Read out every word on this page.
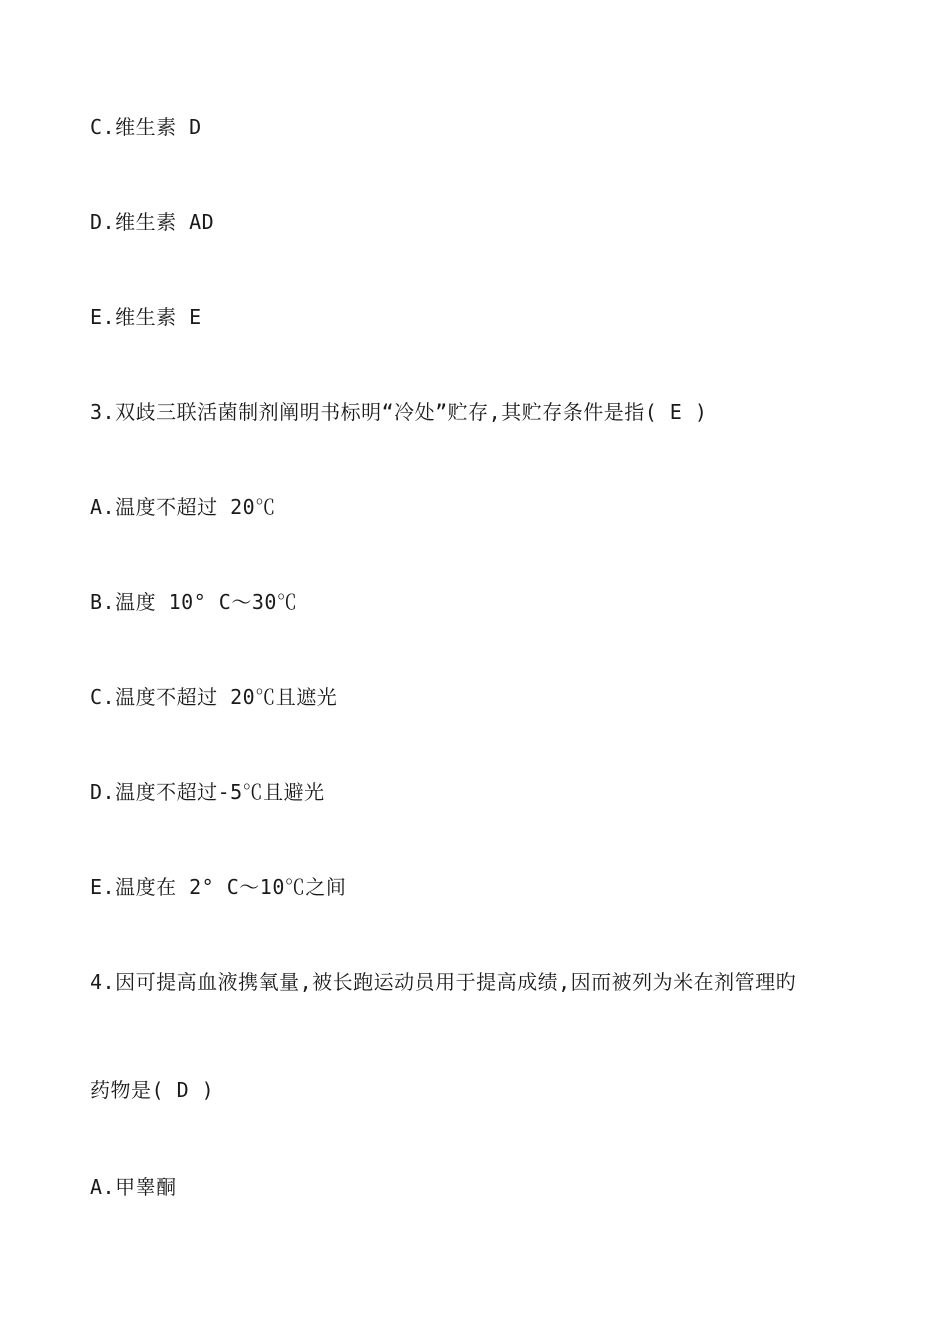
C.维生素 D
D.维生素 AD
E.维生素 E
3.双歧三联活菌制剂阐明书标明“冷处”贮存,其贮存条件是指( E )
A.温度不超过 20℃
B.温度 10° C～30℃
C.温度不超过 20℃且遮光
D.温度不超过-5℃且避光
E.温度在 2° C～10℃之间
4.因可提高血液携氧量,被长跑运动员用于提高成绩,因而被列为米在剂管理旳
药物是( D )
A.甲睾酮
